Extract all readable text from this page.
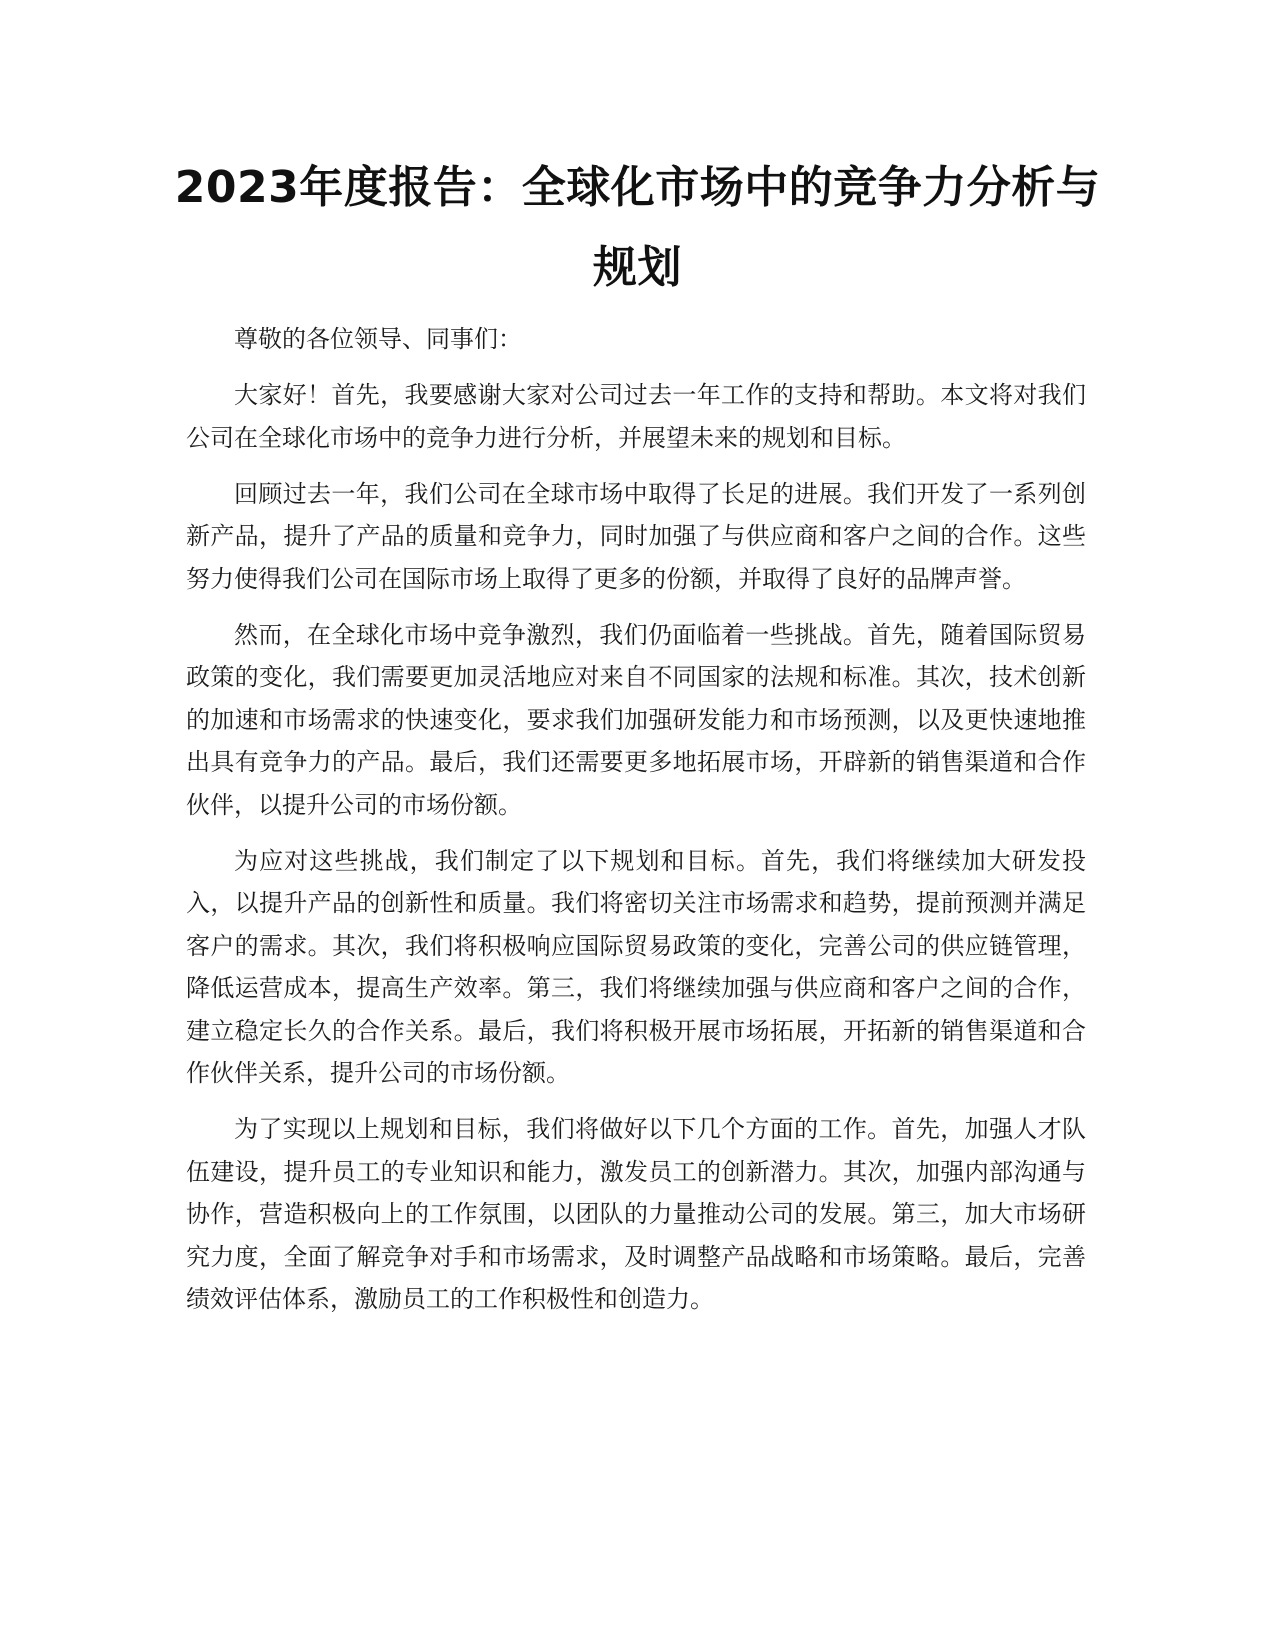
2023年度报告：全球化市场中的竞争力分析与规划

尊敬的各位领导、同事们：

大家好！首先，我要感谢大家对公司过去一年工作的支持和帮助。本文将对我们公司在全球化市场中的竞争力进行分析，并展望未来的规划和目标。

回顾过去一年，我们公司在全球市场中取得了长足的进展。我们开发了一系列创新产品，提升了产品的质量和竞争力，同时加强了与供应商和客户之间的合作。这些努力使得我们公司在国际市场上取得了更多的份额，并取得了良好的品牌声誉。

然而，在全球化市场中竞争激烈，我们仍面临着一些挑战。首先，随着国际贸易政策的变化，我们需要更加灵活地应对来自不同国家的法规和标准。其次，技术创新的加速和市场需求的快速变化，要求我们加强研发能力和市场预测，以及更快速地推出具有竞争力的产品。最后，我们还需要更多地拓展市场，开辟新的销售渠道和合作伙伴，以提升公司的市场份额。

为应对这些挑战，我们制定了以下规划和目标。首先，我们将继续加大研发投入，以提升产品的创新性和质量。我们将密切关注市场需求和趋势，提前预测并满足客户的需求。其次，我们将积极响应国际贸易政策的变化，完善公司的供应链管理，降低运营成本，提高生产效率。第三，我们将继续加强与供应商和客户之间的合作，建立稳定长久的合作关系。最后，我们将积极开展市场拓展，开拓新的销售渠道和合作伙伴关系，提升公司的市场份额。

为了实现以上规划和目标，我们将做好以下几个方面的工作。首先，加强人才队伍建设，提升员工的专业知识和能力，激发员工的创新潜力。其次，加强内部沟通与协作，营造积极向上的工作氛围，以团队的力量推动公司的发展。第三，加大市场研究力度，全面了解竞争对手和市场需求，及时调整产品战略和市场策略。最后，完善绩效评估体系，激励员工的工作积极性和创造力。
